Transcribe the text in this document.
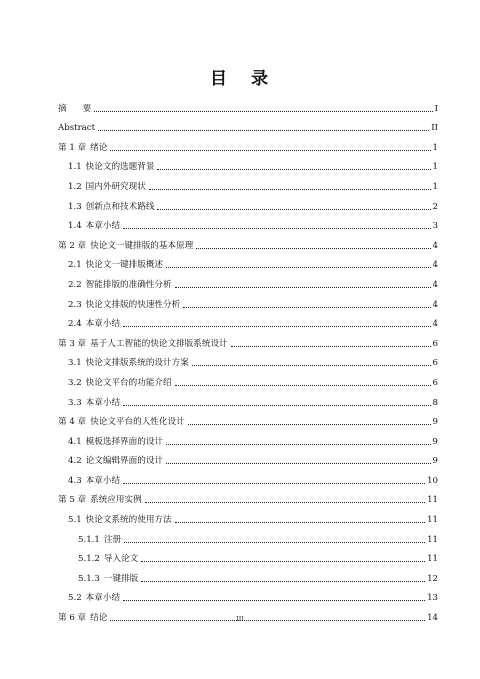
目 录
摘 要	I
Abstract	II
第 1 章 绪论	1
1.1 快论文的选题背景	1
1.2 国内外研究现状	1
1.3 创新点和技术路线	2
1.4 本章小结	3
第 2 章 快论文一键排版的基本原理	4
2.1 快论文一键排版概述	4
2.2 智能排版的准确性分析	4
2.3 快论文排版的快速性分析	4
2.4 本章小结	4
第 3 章 基于人工智能的快论文排版系统设计	6
3.1 快论文排版系统的设计方案	6
3.2 快论文平台的功能介绍	6
3.3 本章小结	8
第 4 章 快论文平台的人性化设计	9
4.1 模板选择界面的设计	9
4.2 论文编辑界面的设计	9
4.3 本章小结	10
第 5 章 系统应用实例	11
5.1 快论文系统的使用方法	11
5.1.1 注册	11
5.1.2 导入论文	11
5.1.3 一键排版	12
5.2 本章小结	13
第 6 章 结论	14
III
